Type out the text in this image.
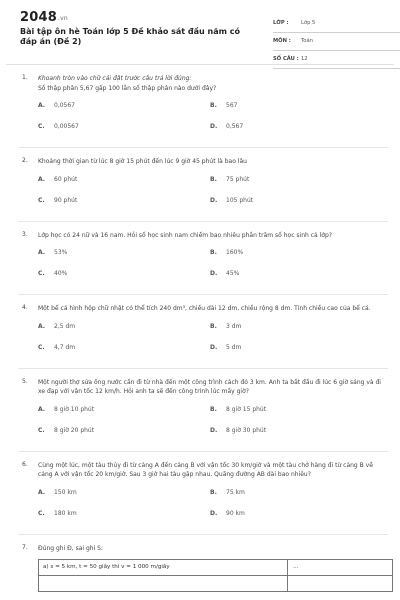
2048.vn
Bài tập ôn hè Toán lớp 5 Đề khảo sát đầu năm có đáp án (Đề 2)
LỚP : Lớp 5
MÔN : Toán
SỐ CÂU : 12
1.	Khoanh tròn vào chữ cái đặt trước câu trả lời đúng:
Số thập phân 5,67 gấp 100 lần số thập phân nào dưới đây?
A.	0,0567	B.	567
C.	0,00567	D.	0,567
2.	Khoảng thời gian từ lúc 8 giờ 15 phút đến lúc 9 giờ 45 phút là bao lâu
A.	60 phút	B.	75 phút
C.	90 phút	D.	105 phút
3.	Lớp học có 24 nữ và 16 nam. Hỏi số học sinh nam chiếm bao nhiêu phần trăm số học sinh cả lớp?
A.	53%	B.	160%
C.	40%	D.	45%
4.	Một bể cá hình hộp chữ nhật có thể tích 240 dm³, chiều dài 12 dm, chiều rộng 8 dm. Tính chiều cao của bể cá.
A.	2,5 dm	B.	3 dm
C.	4,7 dm	D.	5 dm
5.	Một người thợ sửa ống nước cần đi từ nhà đến một công trình cách đó 3 km. Anh ta bắt đầu đi lúc 6 giờ sáng và đi xe đạp với vận tốc 12 km/h. Hỏi anh ta sẽ đến công trình lúc mấy giờ?
A.	8 giờ 10 phút	B.	8 giờ 15 phút
C.	8 giờ 20 phút	D.	8 giờ 30 phút
6.	Cùng một lúc, một tàu thủy đi từ cảng A đến cảng B với vận tốc 30 km/giờ và một tàu chở hàng đi từ cảng B về cảng A với vận tốc 20 km/giờ. Sau 3 giờ hai tàu gặp nhau. Quãng đường AB dài bao nhiêu?
A.	150 km	B.	75 km
C.	180 km	D.	90 km
7.	Đúng ghi Đ, sai ghi S:
a) s = 5 km, t = 50 giây thì v = 1 000 m/giây	...
